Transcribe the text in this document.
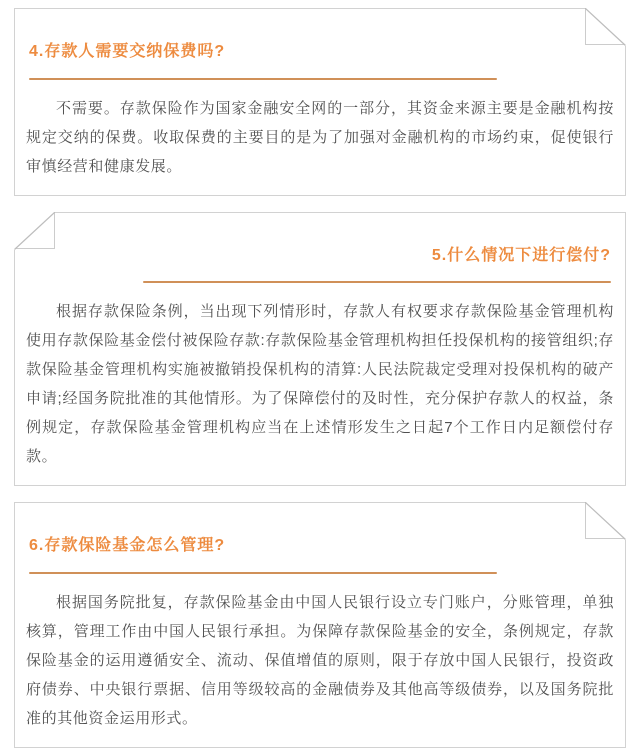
4.存款人需要交纳保费吗?

不需要。存款保险作为国家金融安全网的一部分，其资金来源主要是金融机构按规定交纳的保费。收取保费的主要目的是为了加强对金融机构的市场约束，促使银行审慎经营和健康发展。

5.什么情况下进行偿付?

根据存款保险条例，当出现下列情形时，存款人有权要求存款保险基金管理机构使用存款保险基金偿付被保险存款:存款保险基金管理机构担任投保机构的接管组织;存款保险基金管理机构实施被撤销投保机构的清算:人民法院裁定受理对投保机构的破产申请;经国务院批准的其他情形。为了保障偿付的及时性，充分保护存款人的权益，条例规定，存款保险基金管理机构应当在上述情形发生之日起7个工作日内足额偿付存款。

6.存款保险基金怎么管理?

根据国务院批复，存款保险基金由中国人民银行设立专门账户，分账管理，单独核算，管理工作由中国人民银行承担。为保障存款保险基金的安全，条例规定，存款保险基金的运用遵循安全、流动、保值增值的原则，限于存放中国人民银行，投资政府债券、中央银行票据、信用等级较高的金融债券及其他高等级债券，以及国务院批准的其他资金运用形式。
